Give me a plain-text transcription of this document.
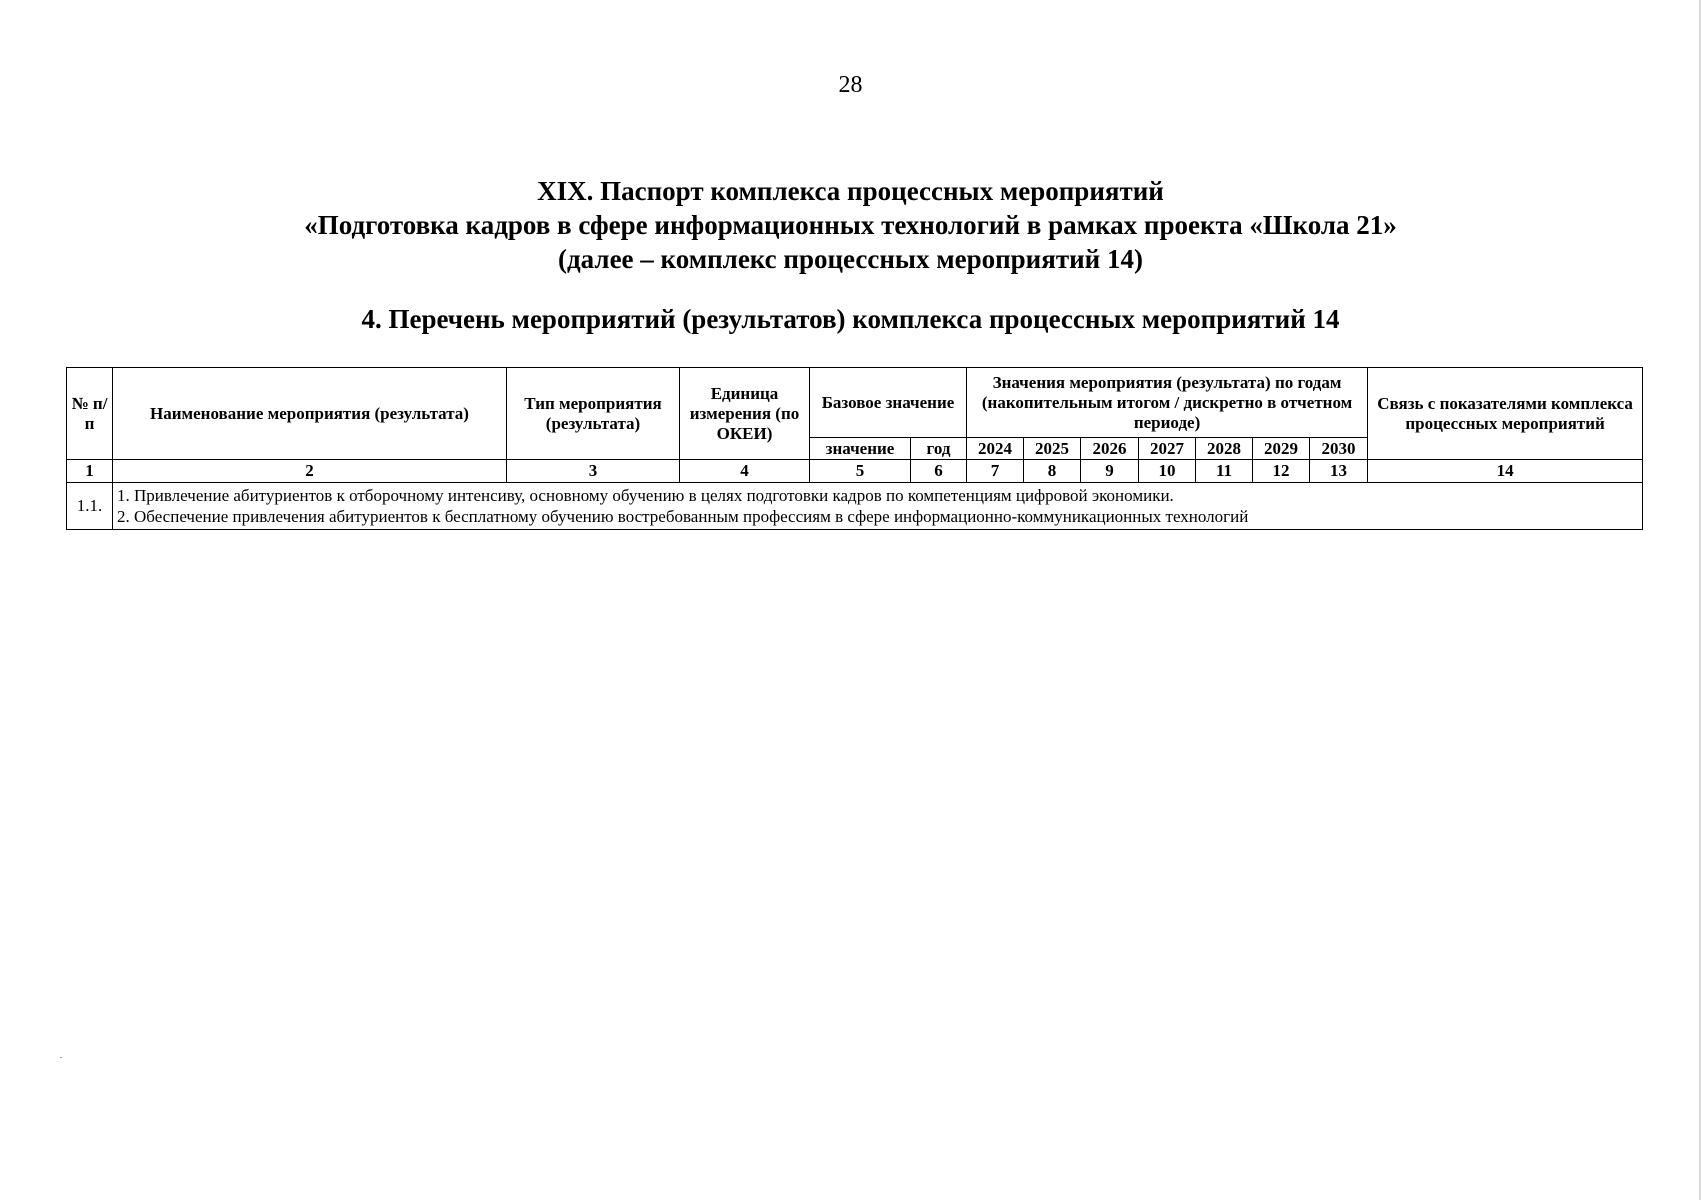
28
XIX. Паспорт комплекса процессных мероприятий
«Подготовка кадров в сфере информационных технологий в рамках проекта «Школа 21»
(далее – комплекс процессных мероприятий 14)
4. Перечень мероприятий (результатов) комплекса процессных мероприятий 14
№ п/п	Наименование мероприятия (результата)	Тип мероприятия (результата)	Единица измерения (по ОКЕИ)	Базовое значение		Значения мероприятия (результата) по годам (накопительным итогом / дискретно в отчетном периоде)							Связь с показателями комплекса процессных мероприятий
				значение	год	2024	2025	2026	2027	2028	2029	2030	
1	2	3	4	5	6	7	8	9	10	11	12	13	14
1.1.	1. Привлечение абитуриентов к отборочному интенсиву, основному обучению в целях подготовки кадров по компетенциям цифровой экономики.
2. Обеспечение привлечения абитуриентов к бесплатному обучению востребованным профессиям в сфере информационно-коммуникационных технологий												
